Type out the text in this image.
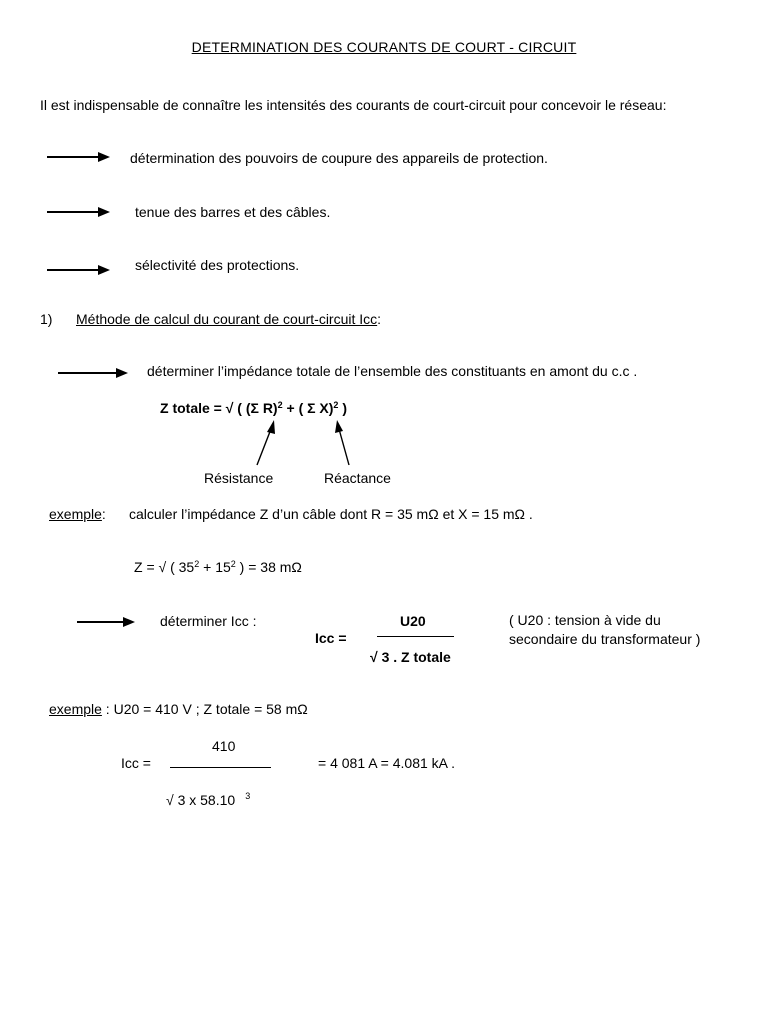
DETERMINATION DES COURANTS DE COURT - CIRCUIT
Il est indispensable de connaître les intensités des courants de court-circuit pour concevoir le réseau:
détermination des pouvoirs de coupure des appareils de protection.
tenue des barres et des câbles.
sélectivité des protections.
1) Méthode de calcul du courant de court-circuit Icc:
déterminer l’impédance totale de l’ensemble des constituants en amont du c.c .
Z totale = √ ( (Σ R)$^2$ + ( Σ X)$^2$ )
Résistance	Réactance
exemple: calculer l’impédance Z d’un câble dont R = 35 mΩ et X = 15 mΩ .
Z = √ ( $35^2 + 15^2$ ) = 38 mΩ
déterminer Icc :
Icc =
U20
√ 3 . Z totale
( U20 : tension à vide du
secondaire du transformateur )
exemple : U20 = 410 V ; Z totale = 58 mΩ
410
Icc =	= 4 081 A = 4.081 kA .
√ 3 x 58.10 $^3$
